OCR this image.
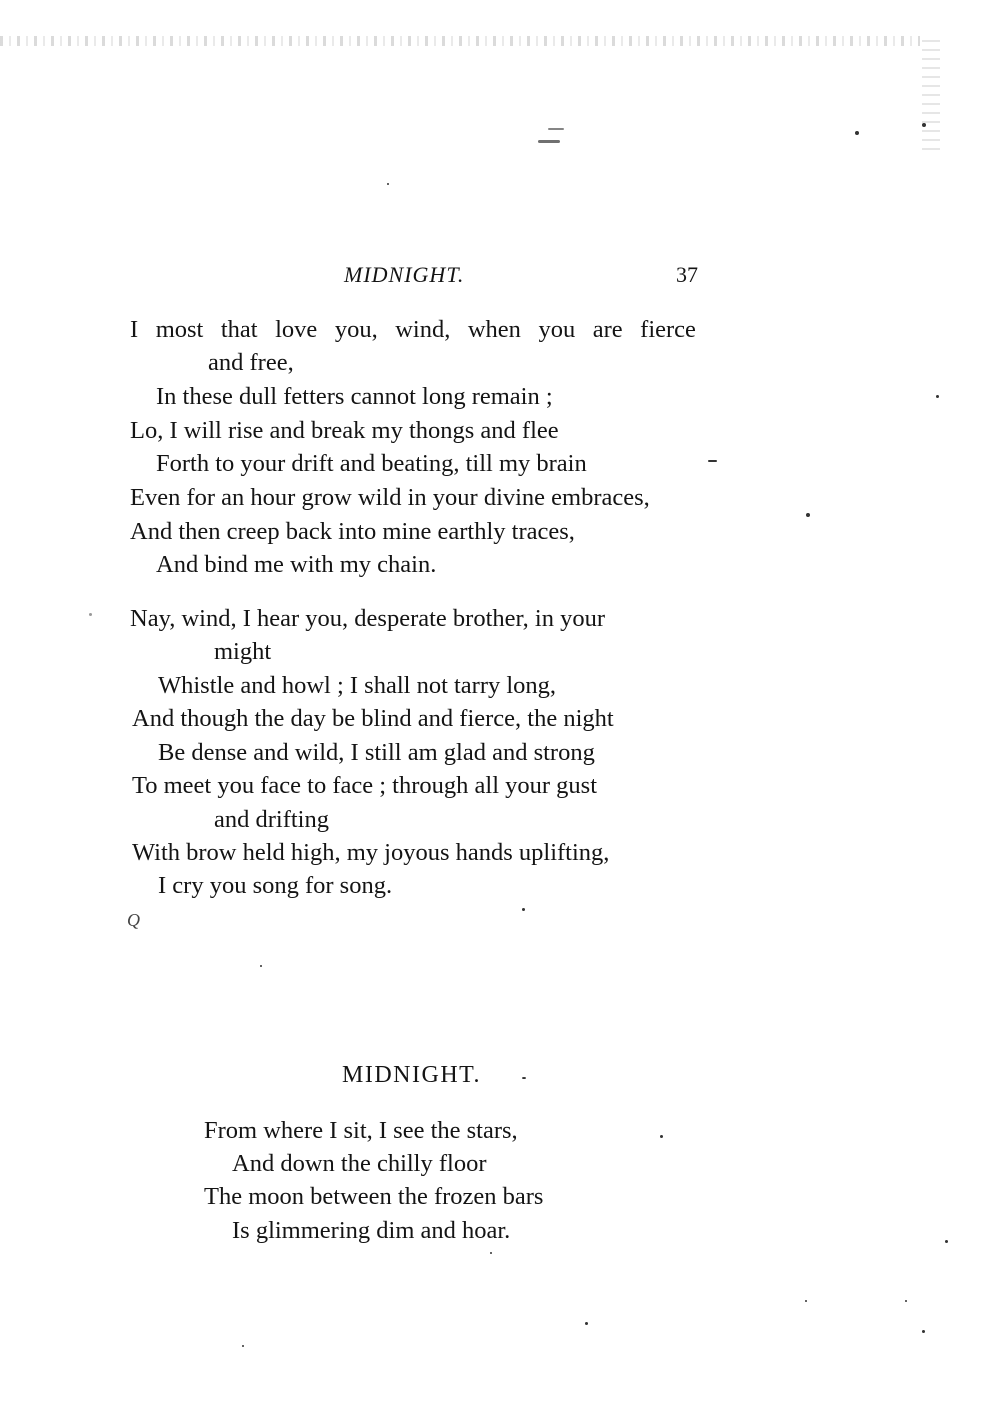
MIDNIGHT.	37
I most that love you, wind, when you are fierce
and free,
In these dull fetters cannot long remain ;
Lo, I will rise and break my thongs and flee
Forth to your drift and beating, till my brain
Even for an hour grow wild in your divine embraces,
And then creep back into mine earthly traces,
And bind me with my chain.
Nay, wind, I hear you, desperate brother, in your
might
Whistle and howl ; I shall not tarry long,
And though the day be blind and fierce, the night
Be dense and wild, I still am glad and strong
To meet you face to face ; through all your gust
and drifting
With brow held high, my joyous hands uplifting,
I cry you song for song.
Q
MIDNIGHT.
From where I sit, I see the stars,
And down the chilly floor
The moon between the frozen bars
Is glimmering dim and hoar.
